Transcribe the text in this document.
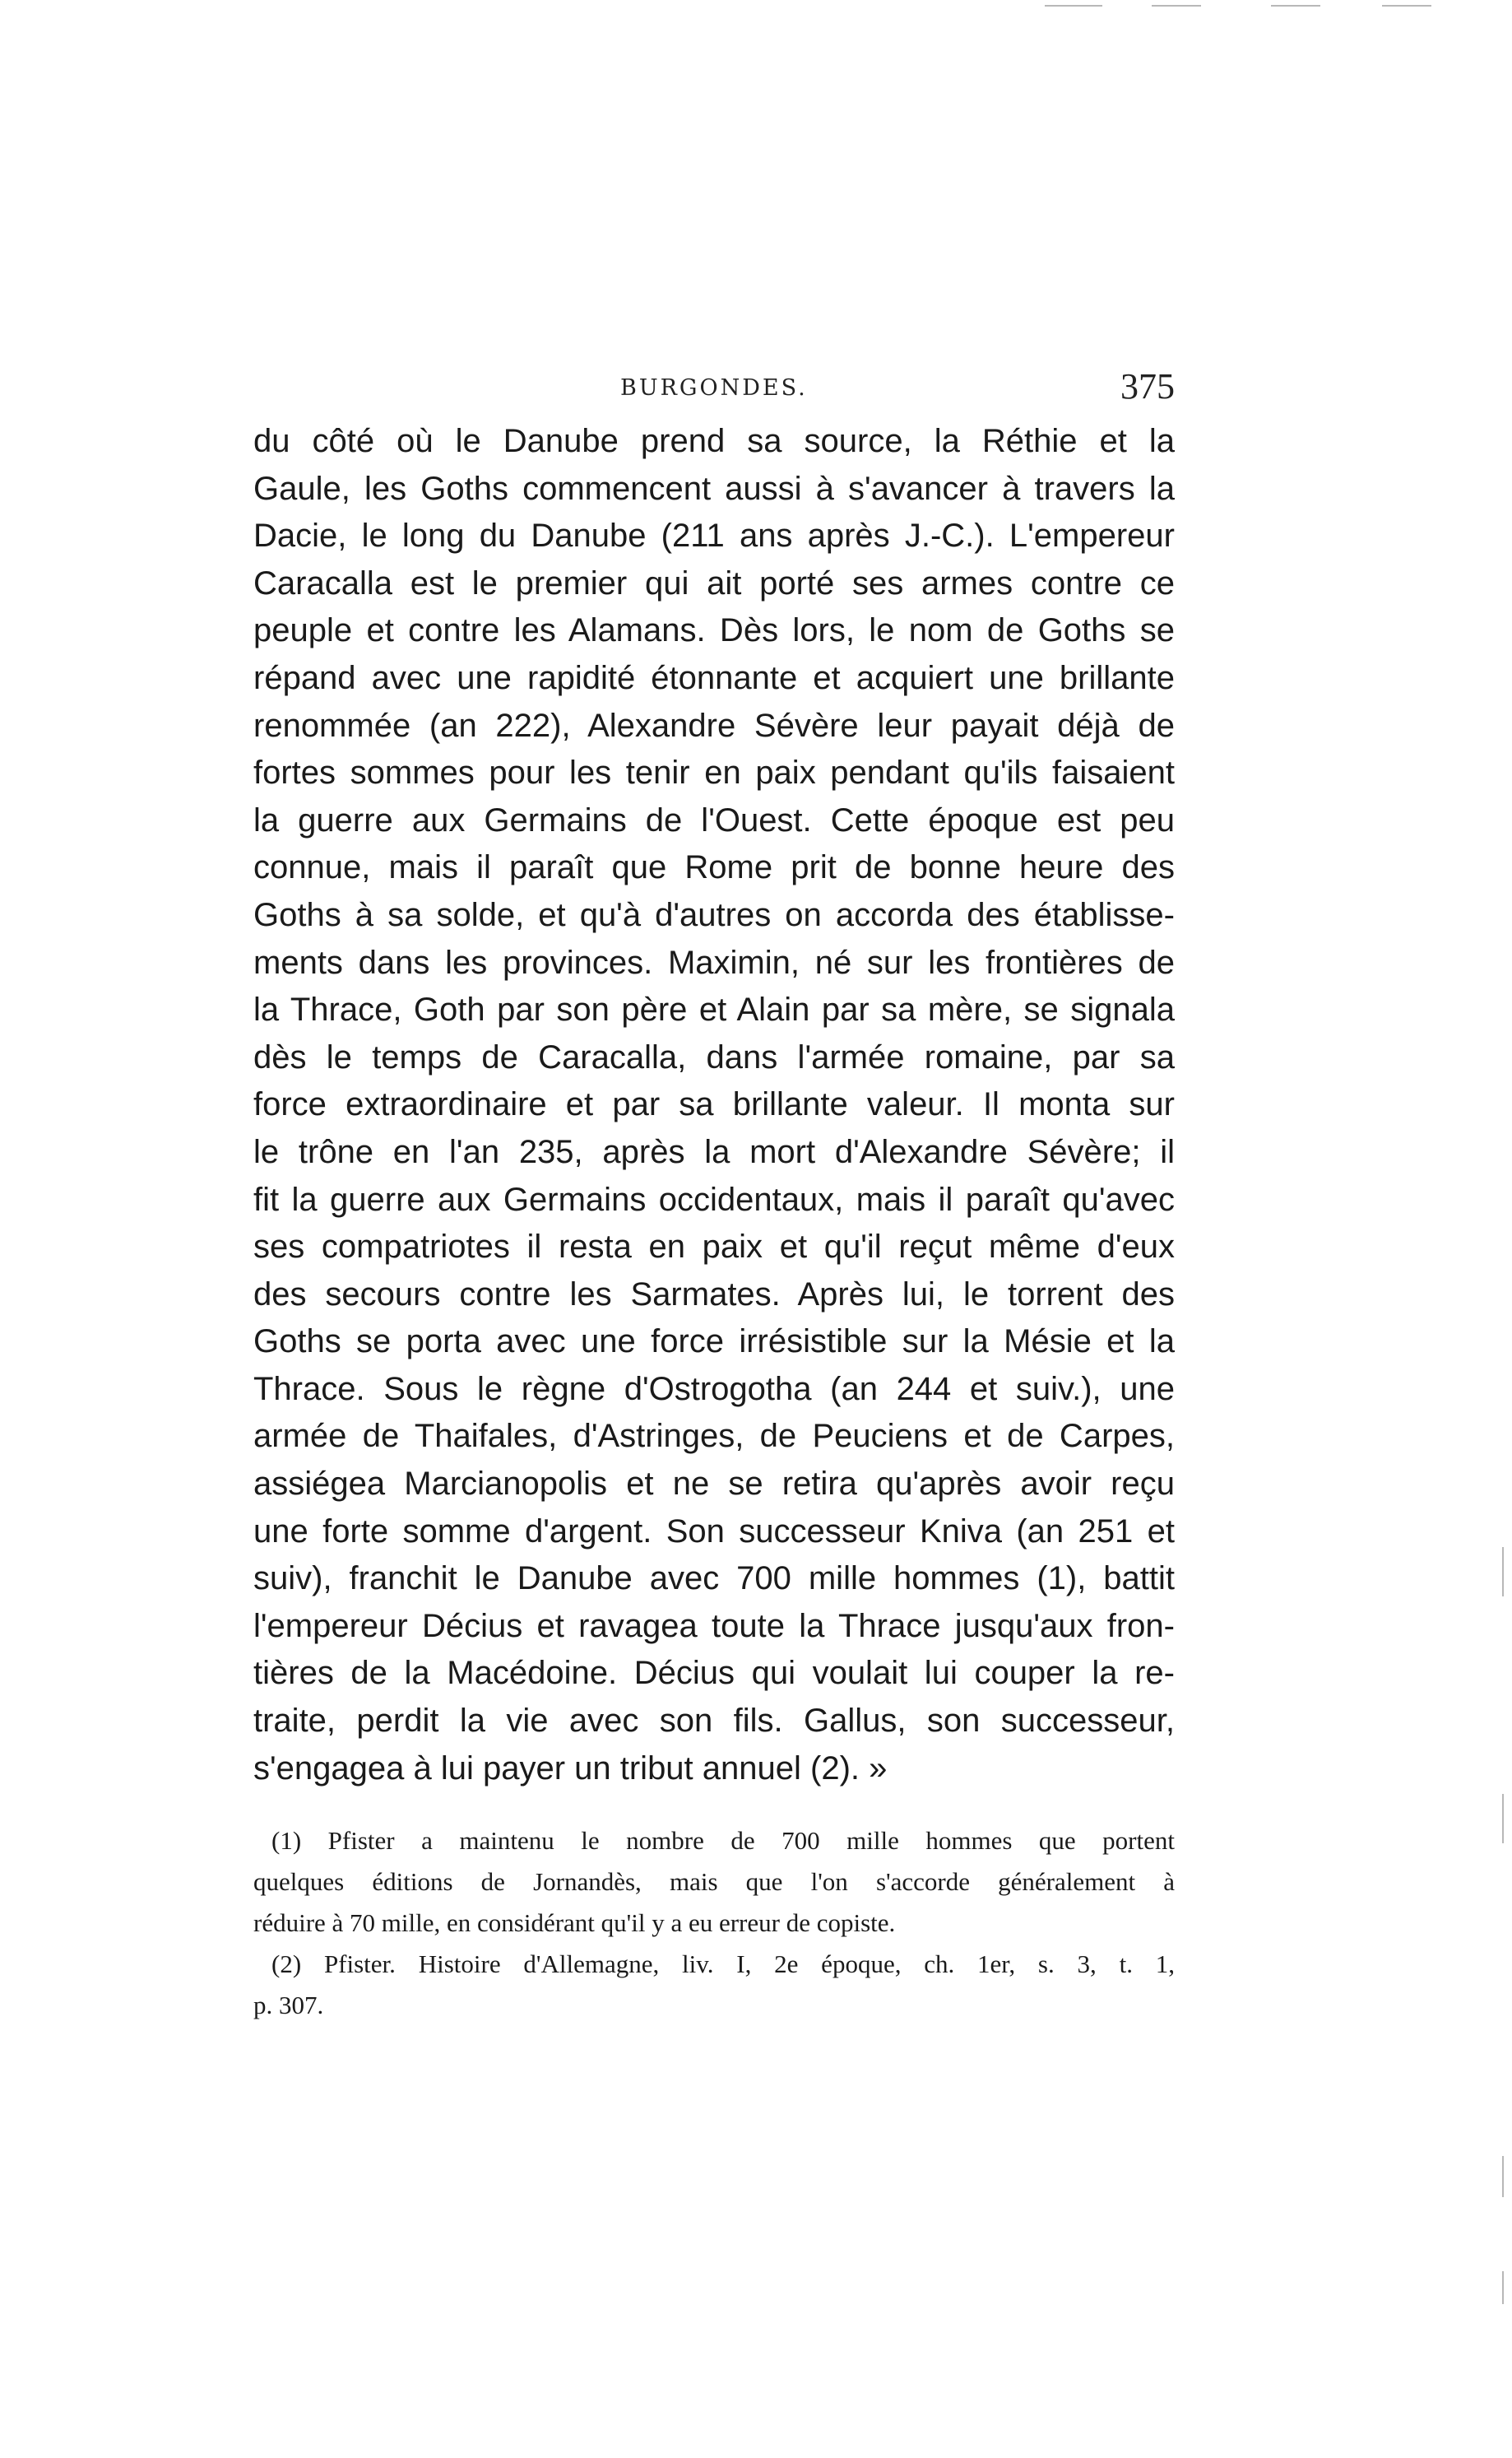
BURGONDES.	375
du côté où le Danube prend sa source, la Réthie et la
Gaule, les Goths commencent aussi à s'avancer à travers la
Dacie, le long du Danube (211 ans après J.-C.). L'empereur
Caracalla est le premier qui ait porté ses armes contre ce
peuple et contre les Alamans. Dès lors, le nom de Goths se
répand avec une rapidité étonnante et acquiert une brillante
renommée (an 222), Alexandre Sévère leur payait déjà de
fortes sommes pour les tenir en paix pendant qu'ils faisaient
la guerre aux Germains de l'Ouest. Cette époque est peu
connue, mais il paraît que Rome prit de bonne heure des
Goths à sa solde, et qu'à d'autres on accorda des établisse-
ments dans les provinces. Maximin, né sur les frontières de
la Thrace, Goth par son père et Alain par sa mère, se signala
dès le temps de Caracalla, dans l'armée romaine, par sa
force extraordinaire et par sa brillante valeur. Il monta sur
le trône en l'an 235, après la mort d'Alexandre Sévère; il
fit la guerre aux Germains occidentaux, mais il paraît qu'avec
ses compatriotes il resta en paix et qu'il reçut même d'eux
des secours contre les Sarmates. Après lui, le torrent des
Goths se porta avec une force irrésistible sur la Mésie et la
Thrace. Sous le règne d'Ostrogotha (an 244 et suiv.), une
armée de Thaifales, d'Astringes, de Peuciens et de Carpes,
assiégea Marcianopolis et ne se retira qu'après avoir reçu
une forte somme d'argent. Son successeur Kniva (an 251 et
suiv), franchit le Danube avec 700 mille hommes (1), battit
l'empereur Décius et ravagea toute la Thrace jusqu'aux fron-
tières de la Macédoine. Décius qui voulait lui couper la re-
traite, perdit la vie avec son fils. Gallus, son successeur,
s'engagea à lui payer un tribut annuel (2). »
(1) Pfister a maintenu le nombre de 700 mille hommes que portent
quelques éditions de Jornandès, mais que l'on s'accorde généralement à
réduire à 70 mille, en considérant qu'il y a eu erreur de copiste.
(2) Pfister. Histoire d'Allemagne, liv. I, 2e époque, ch. 1er, s. 3, t. 1,
p. 307.
